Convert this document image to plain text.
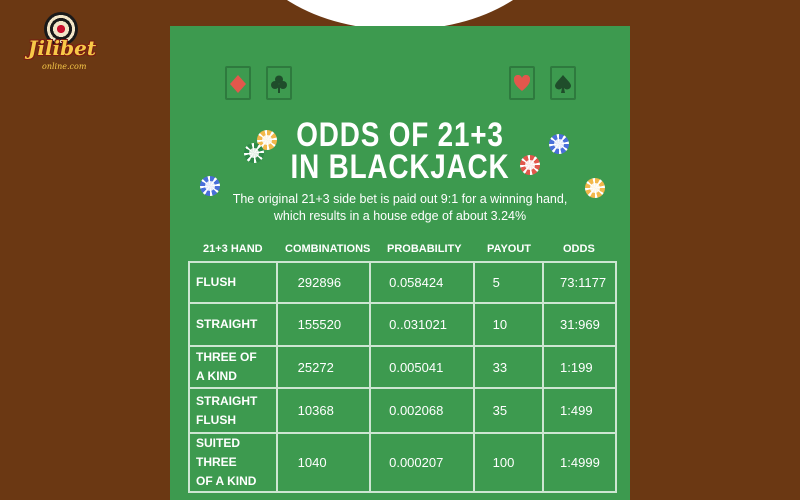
Jilibet
online.com
ODDS OF 21+3
IN BLACKJACK
The original 21+3 side bet is paid out 9:1 for a winning hand,
which results in a house edge of about 3.24%
21+3 HAND COMBINATIONS PROBABILITY PAYOUT	ODDS
FLUSH	292896	0.058424	5	73:1177
STRAIGHT	155520	0..031021	10	31:969
THREE OF
A KIND	25272	0.005041	33	1:199
STRAIGHT
FLUSH	10368	0.002068	35	1:499
SUITED THREE
OF A KIND	1040	0.000207	100	1:4999
